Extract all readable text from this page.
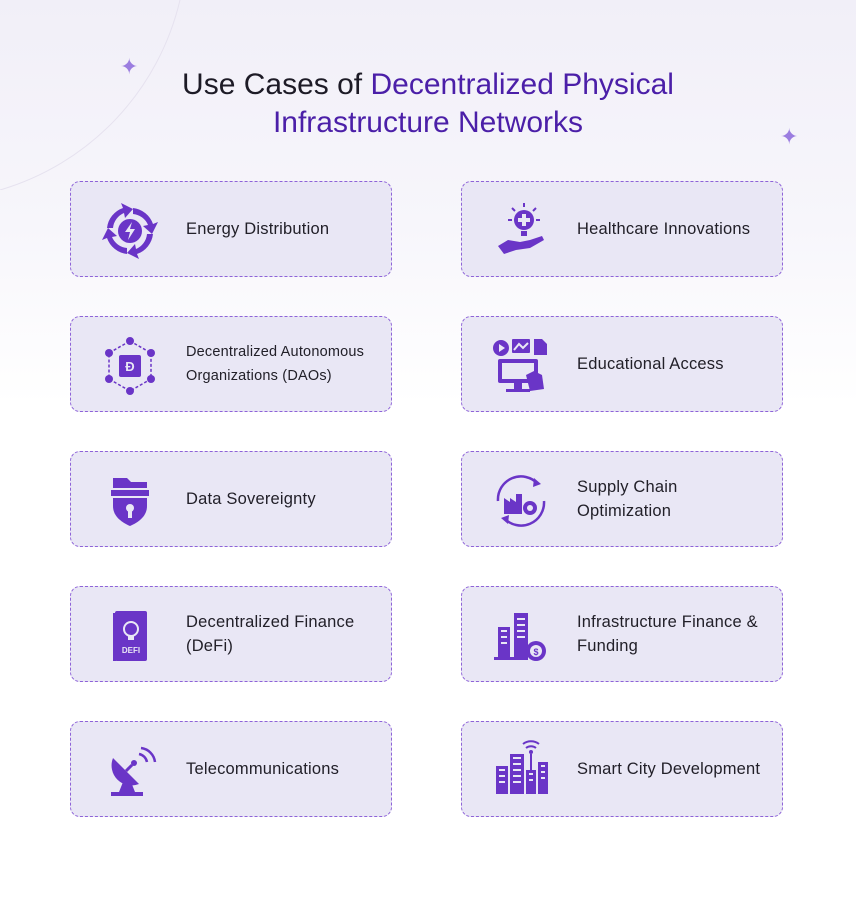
✦
✦
Use Cases of Decentralized Physical
Infrastructure Networks
Energy Distribution	Healthcare Innovations
Đ
Decentralized Autonomous Organizations (DAOs)
Educational Access
Data Sovereignty
Supply Chain Optimization
DEFI
Decentralized Finance (DeFi)	$
Infrastructure Finance & Funding
Telecommunications	Smart City Development
